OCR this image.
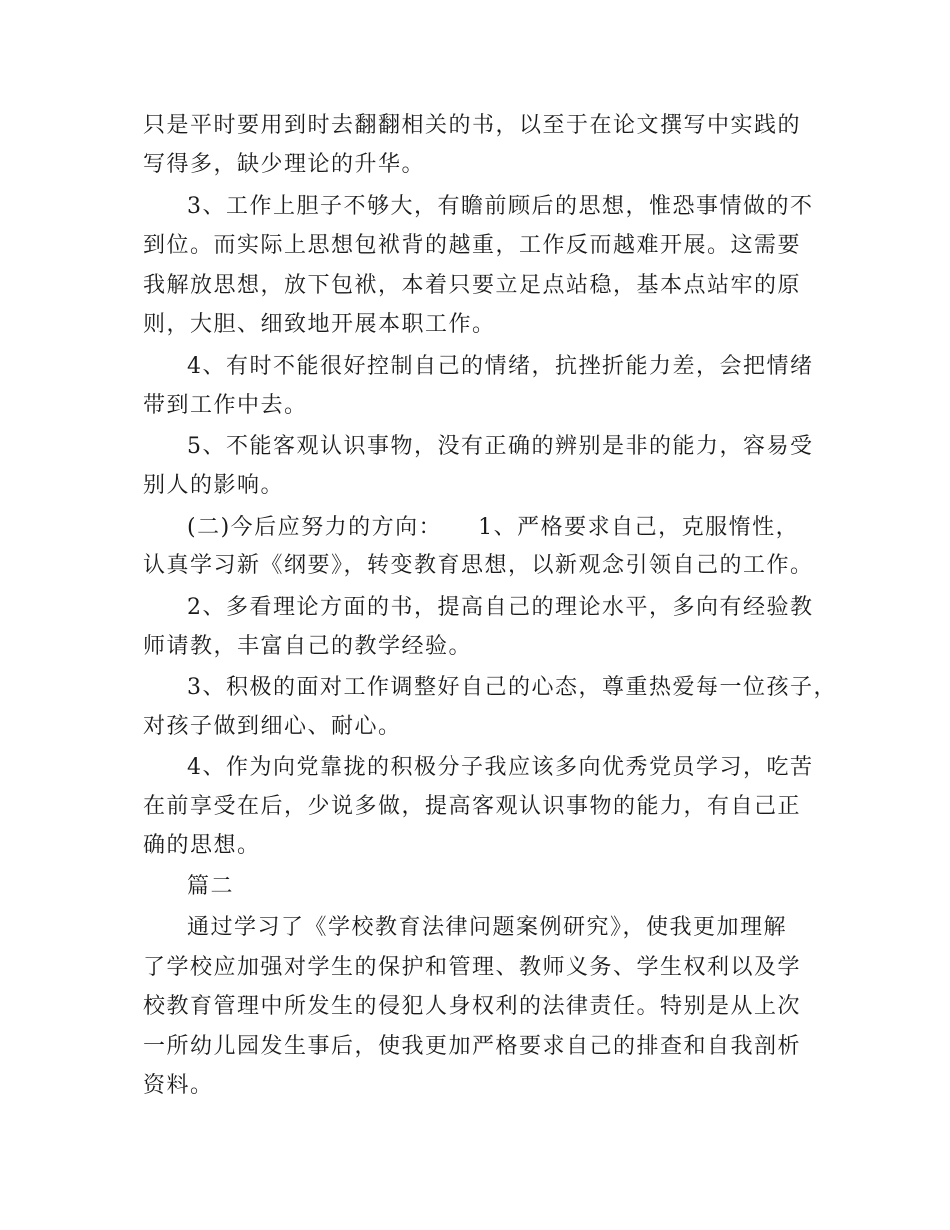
只是平时要用到时去翻翻相关的书，以至于在论文撰写中实践的
写得多，缺少理论的升华。
3、工作上胆子不够大，有瞻前顾后的思想，惟恐事情做的不
到位。而实际上思想包袱背的越重，工作反而越难开展。这需要
我解放思想，放下包袱，本着只要立足点站稳，基本点站牢的原
则，大胆、细致地开展本职工作。
4、有时不能很好控制自己的情绪，抗挫折能力差，会把情绪
带到工作中去。
5、不能客观认识事物，没有正确的辨别是非的能力，容易受
别人的影响。
(二)今后应努力的方向：　　1、严格要求自己，克服惰性，
认真学习新《纲要》，转变教育思想，以新观念引领自己的工作。
2、多看理论方面的书，提高自己的理论水平，多向有经验教
师请教，丰富自己的教学经验。
3、积极的面对工作调整好自己的心态，尊重热爱每一位孩子，
对孩子做到细心、耐心。
4、作为向党靠拢的积极分子我应该多向优秀党员学习，吃苦
在前享受在后，少说多做，提高客观认识事物的能力，有自己正
确的思想。
篇二
通过学习了《学校教育法律问题案例研究》，使我更加理解
了学校应加强对学生的保护和管理、教师义务、学生权利以及学
校教育管理中所发生的侵犯人身权利的法律责任。特别是从上次
一所幼儿园发生事后，使我更加严格要求自己的排查和自我剖析
资料。
